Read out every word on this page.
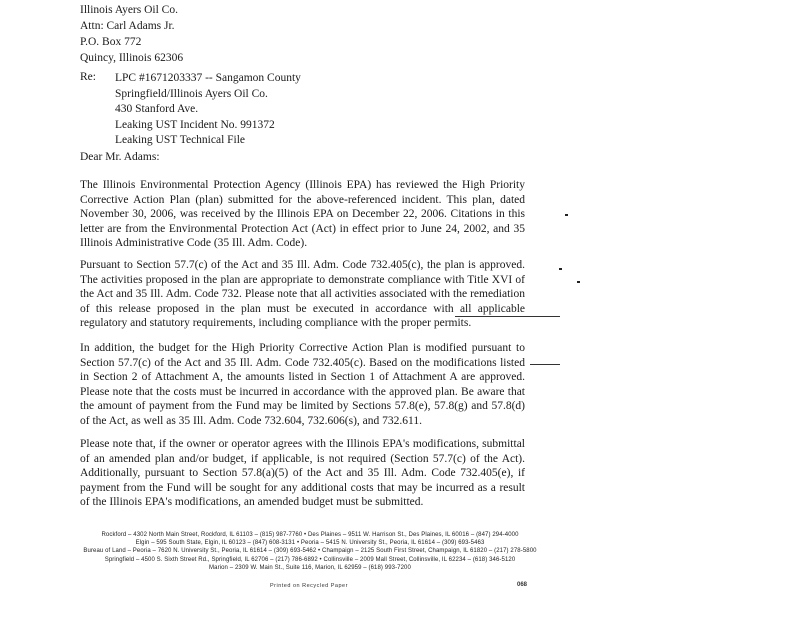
Illinois Ayers Oil Co.
Attn: Carl Adams Jr.
P.O. Box 772
Quincy, Illinois 62306
Re: LPC #1671203337 -- Sangamon County
Springfield/Illinois Ayers Oil Co.
430 Stanford Ave.
Leaking UST Incident No. 991372
Leaking UST Technical File
Dear Mr. Adams:
The Illinois Environmental Protection Agency (Illinois EPA) has reviewed the High Priority Corrective Action Plan (plan) submitted for the above-referenced incident. This plan, dated November 30, 2006, was received by the Illinois EPA on December 22, 2006. Citations in this letter are from the Environmental Protection Act (Act) in effect prior to June 24, 2002, and 35 Illinois Administrative Code (35 Ill. Adm. Code).
Pursuant to Section 57.7(c) of the Act and 35 Ill. Adm. Code 732.405(c), the plan is approved. The activities proposed in the plan are appropriate to demonstrate compliance with Title XVI of the Act and 35 Ill. Adm. Code 732. Please note that all activities associated with the remediation of this release proposed in the plan must be executed in accordance with all applicable regulatory and statutory requirements, including compliance with the proper permits.
In addition, the budget for the High Priority Corrective Action Plan is modified pursuant to Section 57.7(c) of the Act and 35 Ill. Adm. Code 732.405(c). Based on the modifications listed in Section 2 of Attachment A, the amounts listed in Section 1 of Attachment A are approved. Please note that the costs must be incurred in accordance with the approved plan. Be aware that the amount of payment from the Fund may be limited by Sections 57.8(e), 57.8(g) and 57.8(d) of the Act, as well as 35 Ill. Adm. Code 732.604, 732.606(s), and 732.611.
Please note that, if the owner or operator agrees with the Illinois EPA's modifications, submittal of an amended plan and/or budget, if applicable, is not required (Section 57.7(c) of the Act). Additionally, pursuant to Section 57.8(a)(5) of the Act and 35 Ill. Adm. Code 732.405(e), if payment from the Fund will be sought for any additional costs that may be incurred as a result of the Illinois EPA's modifications, an amended budget must be submitted.
Rockford – 4302 North Main Street, Rockford, IL 61103 – (815) 987-7760 • Des Plaines – 9511 W. Harrison St., Des Plaines, IL 60016 – (847) 294-4000
Elgin – 595 South State, Elgin, IL 60123 – (847) 608-3131 • Peoria – 5415 N. University St., Peoria, IL 61614 – (309) 693-5463
Bureau of Land – Peoria – 7620 N. University St., Peoria, IL 61614 – (309) 693-5462 • Champaign – 2125 South First Street, Champaign, IL 61820 – (217) 278-5800
Springfield – 4500 S. Sixth Street Rd., Springfield, IL 62706 – (217) 786-6892 • Collinsville – 2009 Mall Street, Collinsville, IL 62234 – (618) 346-5120
Marion – 2309 W. Main St., Suite 116, Marion, IL 62959 – (618) 993-7200
Printed on Recycled Paper	068
